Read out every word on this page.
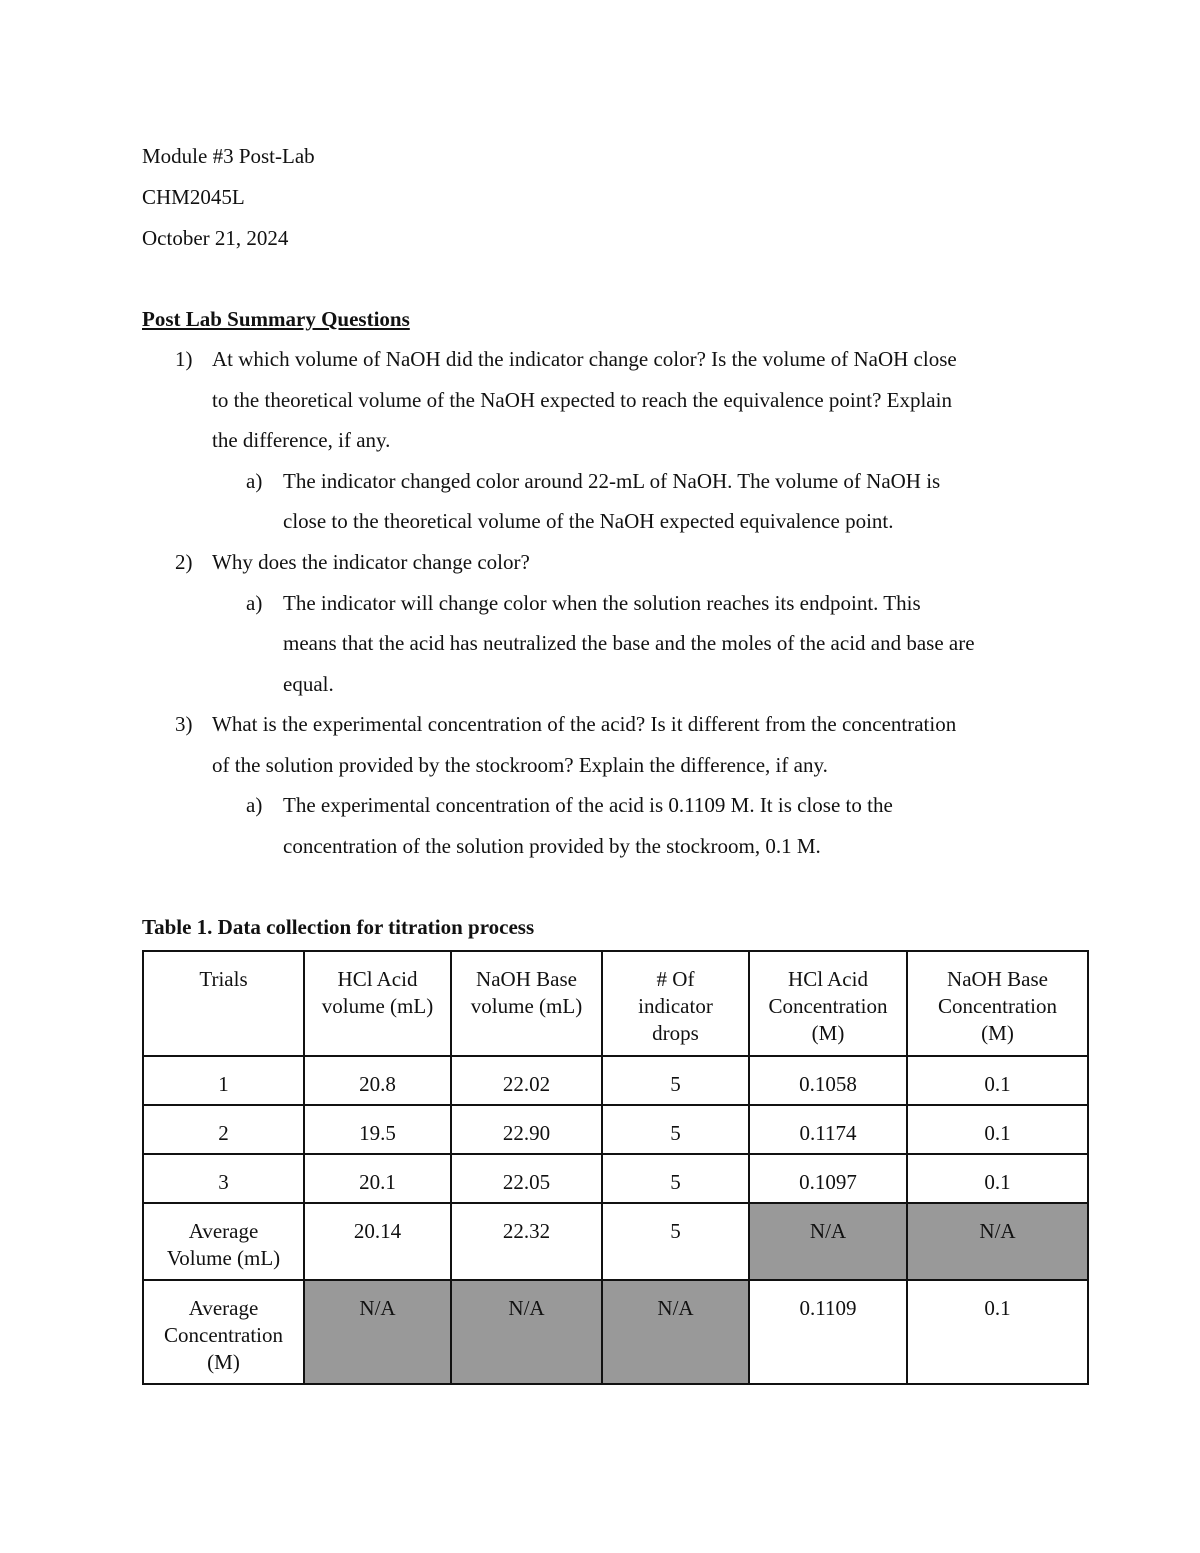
Module #3 Post-Lab
CHM2045L
October 21, 2024
Post Lab Summary Questions
1) At which volume of NaOH did the indicator change color? Is the volume of NaOH close
to the theoretical volume of the NaOH expected to reach the equivalence point? Explain
the difference, if any.
a) The indicator changed color around 22-mL of NaOH. The volume of NaOH is
close to the theoretical volume of the NaOH expected equivalence point.
2) Why does the indicator change color?
a) The indicator will change color when the solution reaches its endpoint. This
means that the acid has neutralized the base and the moles of the acid and base are
equal.
3) What is the experimental concentration of the acid? Is it different from the concentration
of the solution provided by the stockroom? Explain the difference, if any.
a) The experimental concentration of the acid is 0.1109 M. It is close to the
concentration of the solution provided by the stockroom, 0.1 M.
Table 1. Data collection for titration process
Trials	HCl Acid
volume (mL)	NaOH Base
volume (mL)	# Of
indicator
drops	HCl Acid
Concentration
(M)	NaOH Base
Concentration
(M)

1	20.8	22.02	5	0.1058	0.1
2	19.5	22.90	5	0.1174	0.1
3	20.1	22.05	5	0.1097	0.1

Average
Volume (mL)	20.14	22.32	5	N/A	N/A

Average
Concentration
(M)	N/A	N/A	N/A	0.1109	0.1
